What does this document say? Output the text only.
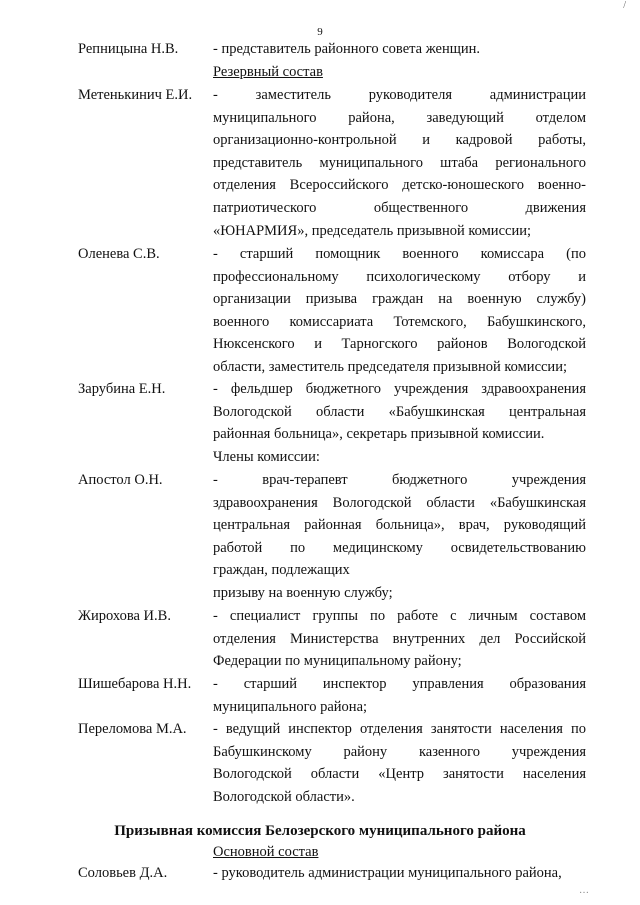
9
/
Репницына Н.В. - представитель районного совета женщин.
Резервный состав
Метенькинич Е.И. - заместитель руководителя администрации
муниципального района, заведующий отделом
организационно-контрольной и кадровой работы,
представитель муниципального штаба регионального
отделения Всероссийского детско-юношеского военно-
патриотического общественного движения
«ЮНАРМИЯ», председатель призывной комиссии;
Оленева С.В.	- старший помощник военного комиссара (по
профессиональному психологическому отбору и
организации призыва граждан на военную службу)
военного комиссариата Тотемского, Бабушкинского,
Нюксенского и Тарногского районов Вологодской
области, заместитель председателя призывной комиссии;
Зарубина Е.Н.	- фельдшер бюджетного учреждения здравоохранения
Вологодской области «Бабушкинская центральная
районная больница», секретарь призывной комиссии.
Члены комиссии:
Апостол О.Н.	- врач-терапевт бюджетного учреждения
здравоохранения Вологодской области «Бабушкинская
центральная районная больница», врач, руководящий
работой по медицинскому освидетельствованию
граждан, подлежащих
призыву на военную службу;
Жирохова И.В.	- специалист группы по работе с личным составом
отделения Министерства внутренних дел Российской
Федерации по муниципальному району;
Шишебарова Н.Н. - старший инспектор управления образования
муниципального района;
Переломова М.А. - ведущий инспектор отделения занятости населения по
Бабушкинскому району казенного учреждения
Вологодской области «Центр занятости населения
Вологодской области».
Призывная комиссия Белозерского муниципального района
Основной состав
Соловьев Д.А.	- руководитель администрации муниципального района,
…
